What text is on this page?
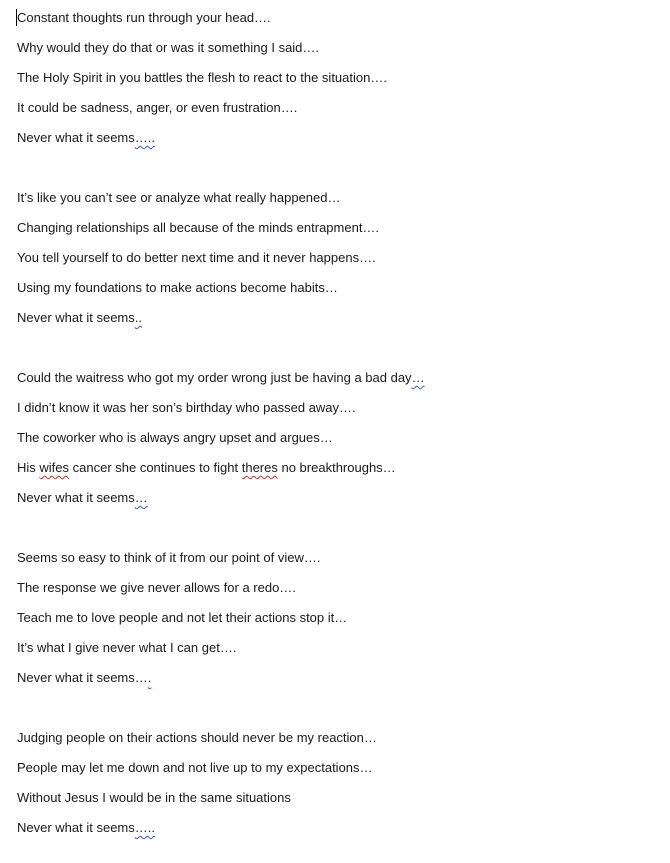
Constant thoughts run through your head….
Why would they do that or was it something I said….
The Holy Spirit in you battles the flesh to react to the situation….
It could be sadness, anger, or even frustration….
Never what it seems…..
It’s like you can’t see or analyze what really happened…
Changing relationships all because of the minds entrapment….
You tell yourself to do better next time and it never happens….
Using my foundations to make actions become habits…
Never what it seems..
Could the waitress who got my order wrong just be having a bad day…
I didn’t know it was her son’s birthday who passed away….
The coworker who is always angry upset and argues…
His wifes cancer she continues to fight theres no breakthroughs…
Never what it seems…
Seems so easy to think of it from our point of view….
The response we give never allows for a redo….
Teach me to love people and not let their actions stop it…
It’s what I give never what I can get….
Never what it seems….
Judging people on their actions should never be my reaction…
People may let me down and not live up to my expectations…
Without Jesus I would be in the same situations
Never what it seems…..
